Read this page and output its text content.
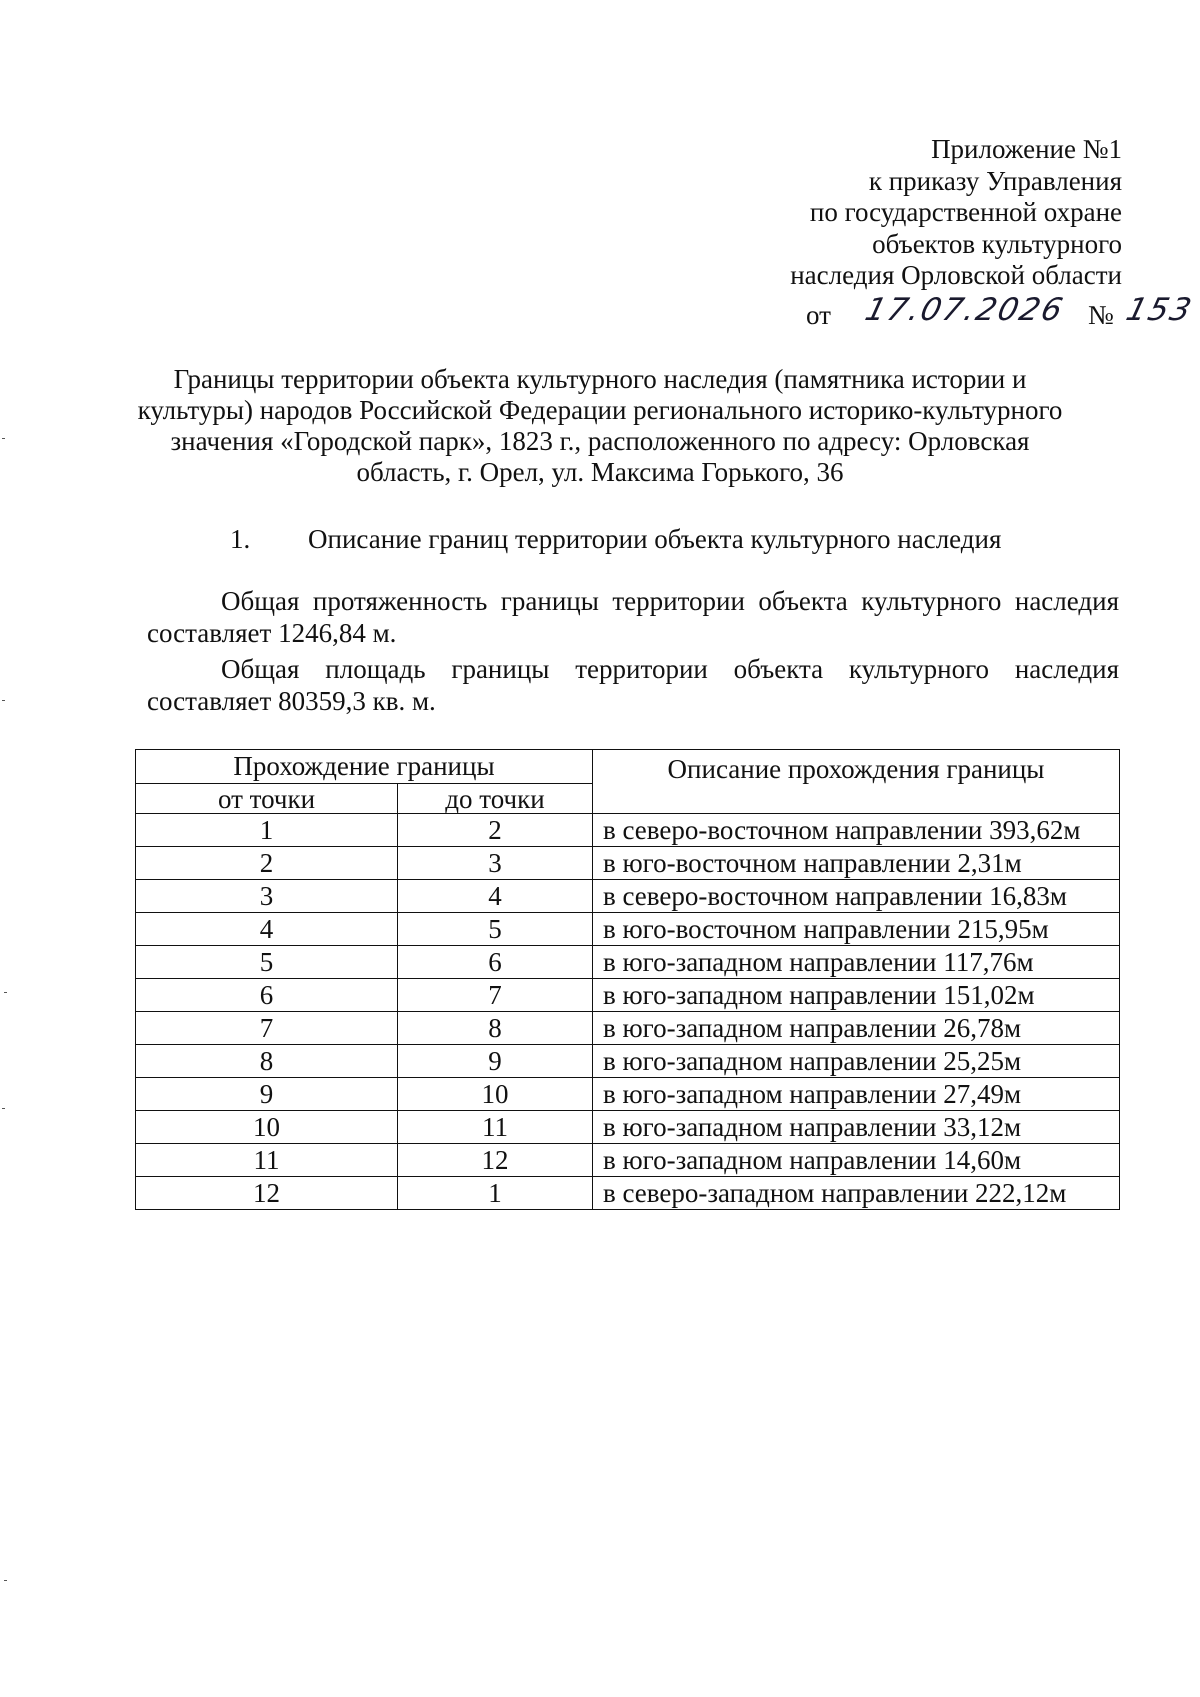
Приложение №1
к приказу Управления
по государственной охране
объектов культурного
наследия Орловской области
от 17.07.2026 № 153
Границы территории объекта культурного наследия (памятника истории и культуры) народов Российской Федерации регионального историко-культурного значения «Городской парк», 1823 г., расположенного по адресу: Орловская область, г. Орел, ул. Максима Горького, 36
1. Описание границ территории объекта культурного наследия
Общая протяженность границы территории объекта культурного наследия составляет 1246,84 м.
Общая площадь границы территории объекта культурного наследия составляет 80359,3 кв. м.
Прохождение границы		Описание прохождения границы
от точки	до точки	
1	2	в северо-восточном направлении 393,62м
2	3	в юго-восточном направлении 2,31м
3	4	в северо-восточном направлении 16,83м
4	5	в юго-восточном направлении 215,95м
5	6	в юго-западном направлении 117,76м
6	7	в юго-западном направлении 151,02м
7	8	в юго-западном направлении 26,78м
8	9	в юго-западном направлении 25,25м
9	10	в юго-западном направлении 27,49м
10	11	в юго-западном направлении 33,12м
11	12	в юго-западном направлении 14,60м
12	1	в северо-западном направлении 222,12м
